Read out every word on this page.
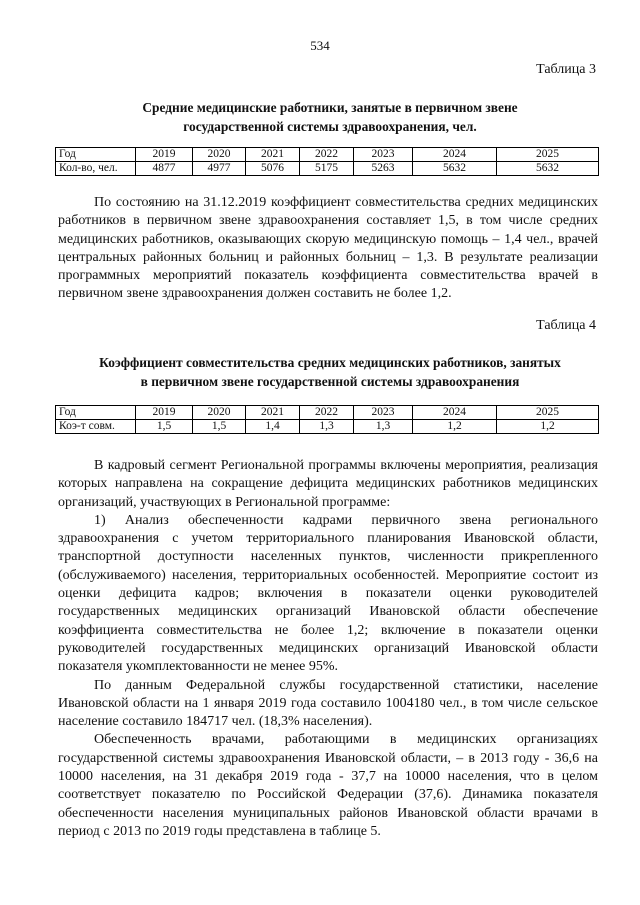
534
Таблица 3
Средние медицинские работники, занятые в первичном звене
государственной системы здравоохранения, чел.
Год	2019	2020	2021	2022	2023	2024	2025
Кол-во, чел.	4877	4977	5076	5175	5263	5632	5632

По состоянию на 31.12.2019 коэффициент совместительства средних медицинских работников в первичном звене здравоохранения составляет 1,5, в том числе средних медицинских работников, оказывающих скорую медицинскую помощь – 1,4 чел., врачей центральных районных больниц и районных больниц – 1,3. В результате реализации программных мероприятий показатель коэффициента совместительства врачей в первичном звене здравоохранения должен составить не более 1,2.

Таблица 4
Коэффициент совместительства средних медицинских работников, занятых
в первичном звене государственной системы здравоохранения
Год	2019	2020	2021	2022	2023	2024	2025
Коэ-т совм.	1,5	1,5	1,4	1,3	1,3	1,2	1,2

В кадровый сегмент Региональной программы включены мероприятия, реализация которых направлена на сокращение дефицита медицинских работников медицинских организаций, участвующих в Региональной программе:

1) Анализ обеспеченности кадрами первичного звена регионального здравоохранения с учетом территориального планирования Ивановской области, транспортной доступности населенных пунктов, численности прикрепленного (обслуживаемого) населения, территориальных особенностей. Мероприятие состоит из оценки дефицита кадров; включения в показатели оценки руководителей государственных медицинских организаций Ивановской области обеспечение коэффициента совместительства не более 1,2; включение в показатели оценки руководителей государственных медицинских организаций Ивановской области показателя укомплектованности не менее 95%.

По данным Федеральной службы государственной статистики, население Ивановской области на 1 января 2019 года составило 1004180 чел., в том числе сельское население составило 184717 чел. (18,3% населения).

Обеспеченность врачами, работающими в медицинских организациях государственной системы здравоохранения Ивановской области, – в 2013 году - 36,6 на 10000 населения, на 31 декабря 2019 года - 37,7 на 10000 населения, что в целом соответствует показателю по Российской Федерации (37,6). Динамика показателя обеспеченности населения муниципальных районов Ивановской области врачами в период с 2013 по 2019 годы представлена в таблице 5.
